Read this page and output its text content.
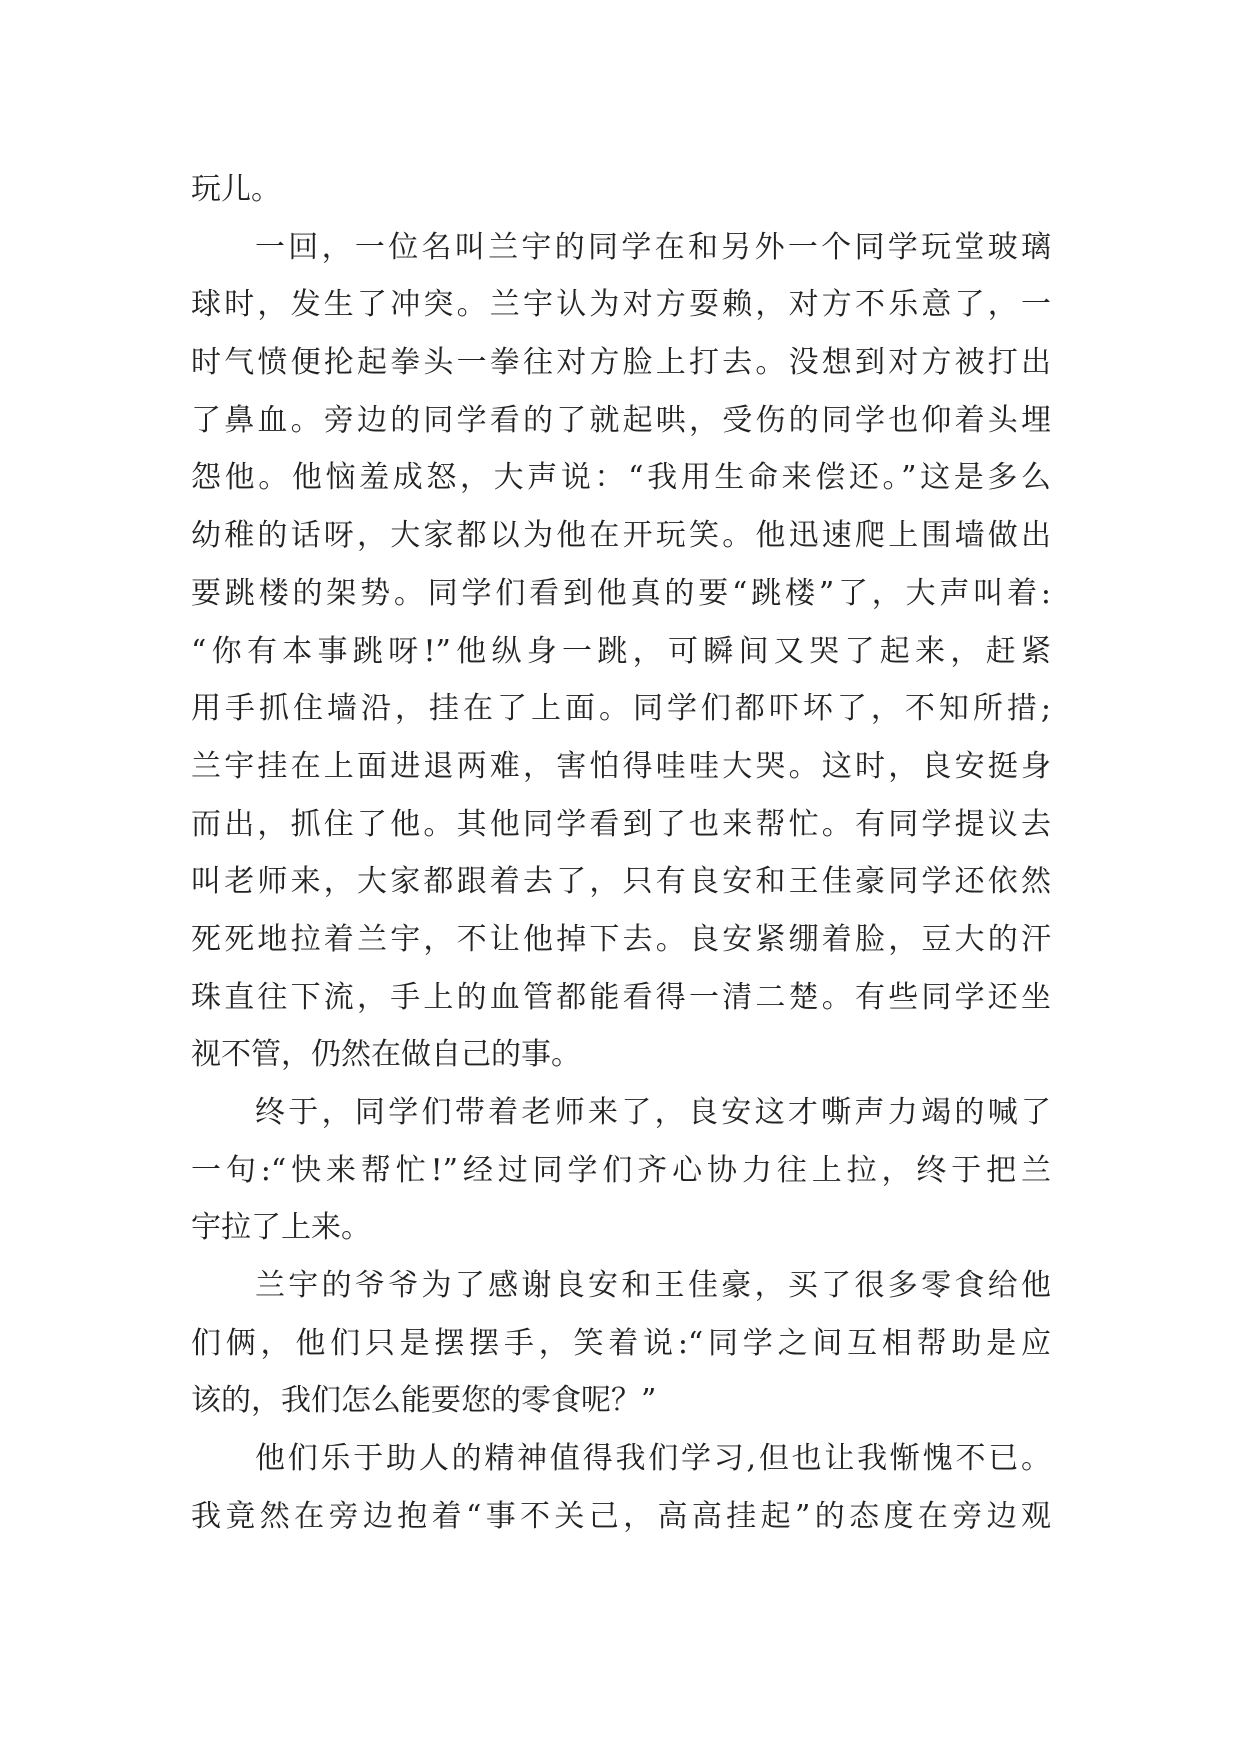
玩儿。
一回，一位名叫兰宇的同学在和另外一个同学玩堂玻璃
球时，发生了冲突。兰宇认为对方耍赖，对方不乐意了，一
时气愤便抡起拳头一拳往对方脸上打去。没想到对方被打出
了鼻血。旁边的同学看的了就起哄，受伤的同学也仰着头埋
怨他。他恼羞成怒，大声说：“我用生命来偿还。”这是多么
幼稚的话呀，大家都以为他在开玩笑。他迅速爬上围墙做出
要跳楼的架势。同学们看到他真的要“跳楼”了，大声叫着:
“你有本事跳呀!”他纵身一跳，可瞬间又哭了起来，赶紧
用手抓住墙沿，挂在了上面。同学们都吓坏了，不知所措;
兰宇挂在上面进退两难，害怕得哇哇大哭。这时，良安挺身
而出，抓住了他。其他同学看到了也来帮忙。有同学提议去
叫老师来，大家都跟着去了，只有良安和王佳豪同学还依然
死死地拉着兰宇，不让他掉下去。良安紧绷着脸，豆大的汗
珠直往下流，手上的血管都能看得一清二楚。有些同学还坐
视不管，仍然在做自己的事。
终于，同学们带着老师来了，良安这才嘶声力竭的喊了
一句:“快来帮忙!”经过同学们齐心协力往上拉，终于把兰
宇拉了上来。
兰宇的爷爷为了感谢良安和王佳豪，买了很多零食给他
们俩，他们只是摆摆手，笑着说:“同学之间互相帮助是应
该的，我们怎么能要您的零食呢？”
他们乐于助人的精神值得我们学习,但也让我惭愧不已。
我竟然在旁边抱着“事不关己，高高挂起”的态度在旁边观
